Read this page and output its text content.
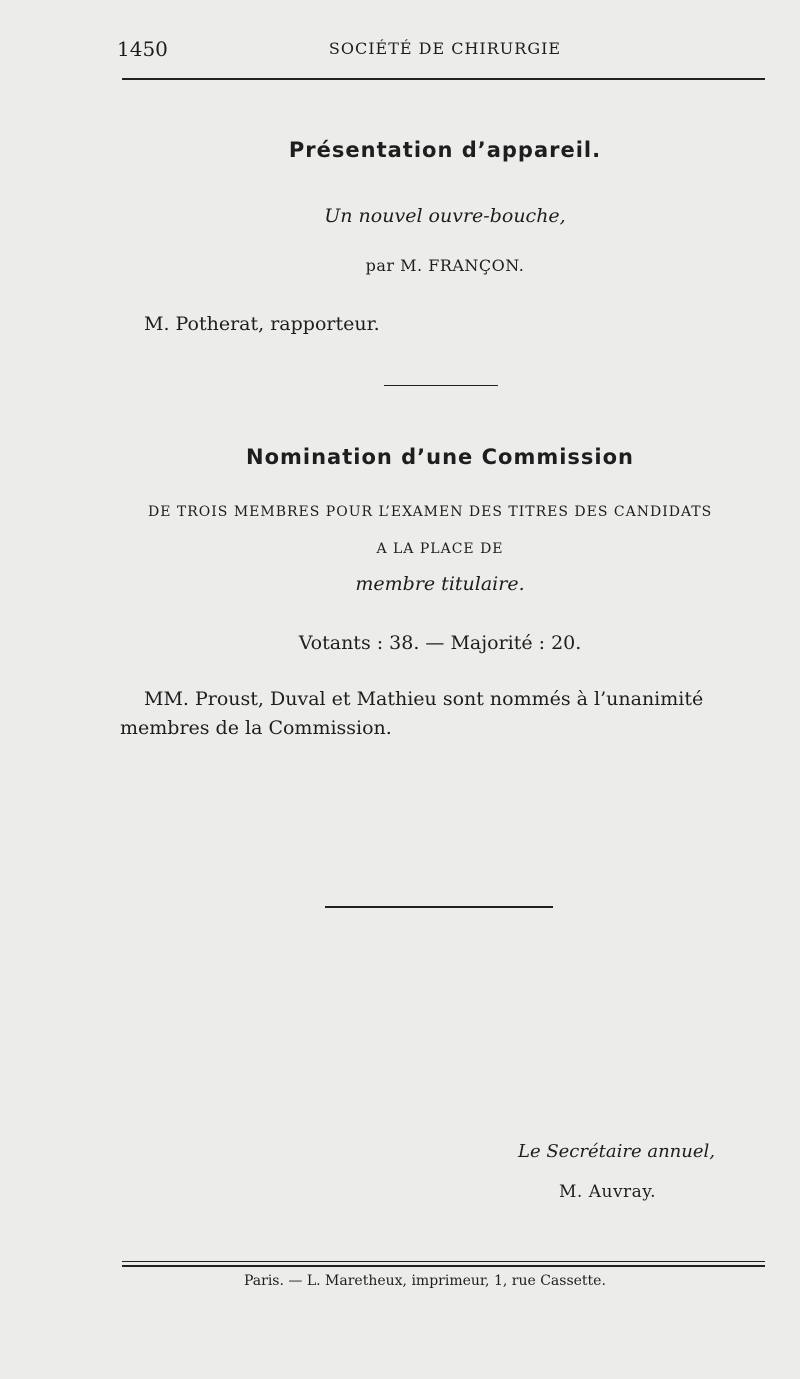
1450	SOCIÉTÉ DE CHIRURGIE
Présentation d’appareil.
Un nouvel ouvre-bouche,
par M. FRANÇON.
M. Potherat, rapporteur.
Nomination d’une Commission
DE TROIS MEMBRES POUR L’EXAMEN DES TITRES DES CANDIDATS
A LA PLACE DE
membre titulaire.
Votants : 38. — Majorité : 20.
MM. Proust, Duval et Mathieu sont nommés à l’unanimité
membres de la Commission.
Le Secrétaire annuel,
M. Auvray.
Paris. — L. Maretheux, imprimeur, 1, rue Cassette.
